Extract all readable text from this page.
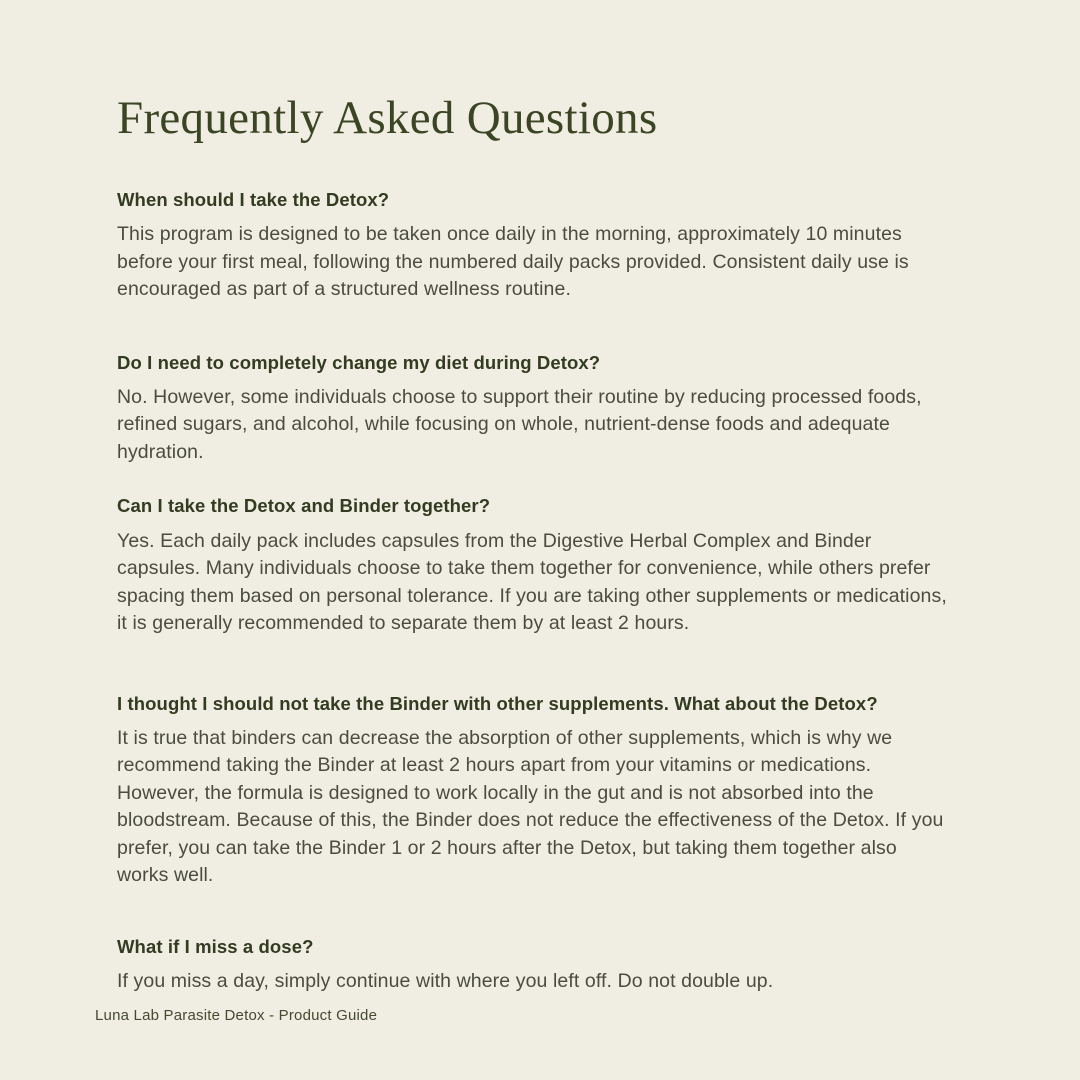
Frequently Asked Questions
When should I take the Detox?

This program is designed to be taken once daily in the morning, approximately 10 minutes before your first meal, following the numbered daily packs provided. Consistent daily use is encouraged as part of a structured wellness routine.

Do I need to completely change my diet during Detox?

No. However, some individuals choose to support their routine by reducing processed foods, refined sugars, and alcohol, while focusing on whole, nutrient-dense foods and adequate hydration.

Can I take the Detox and Binder together?

Yes. Each daily pack includes capsules from the Digestive Herbal Complex and Binder capsules. Many individuals choose to take them together for convenience, while others prefer spacing them based on personal tolerance. If you are taking other supplements or medications, it is generally recommended to separate them by at least 2 hours.

I thought I should not take the Binder with other supplements. What about the Detox?

It is true that binders can decrease the absorption of other supplements, which is why we recommend taking the Binder at least 2 hours apart from your vitamins or medications. However, the formula is designed to work locally in the gut and is not absorbed into the bloodstream. Because of this, the Binder does not reduce the effectiveness of the Detox. If you prefer, you can take the Binder 1 or 2 hours after the Detox, but taking them together also works well.

What if I miss a dose?

If you miss a day, simply continue with where you left off. Do not double up.

Luna Lab Parasite Detox - Product Guide
